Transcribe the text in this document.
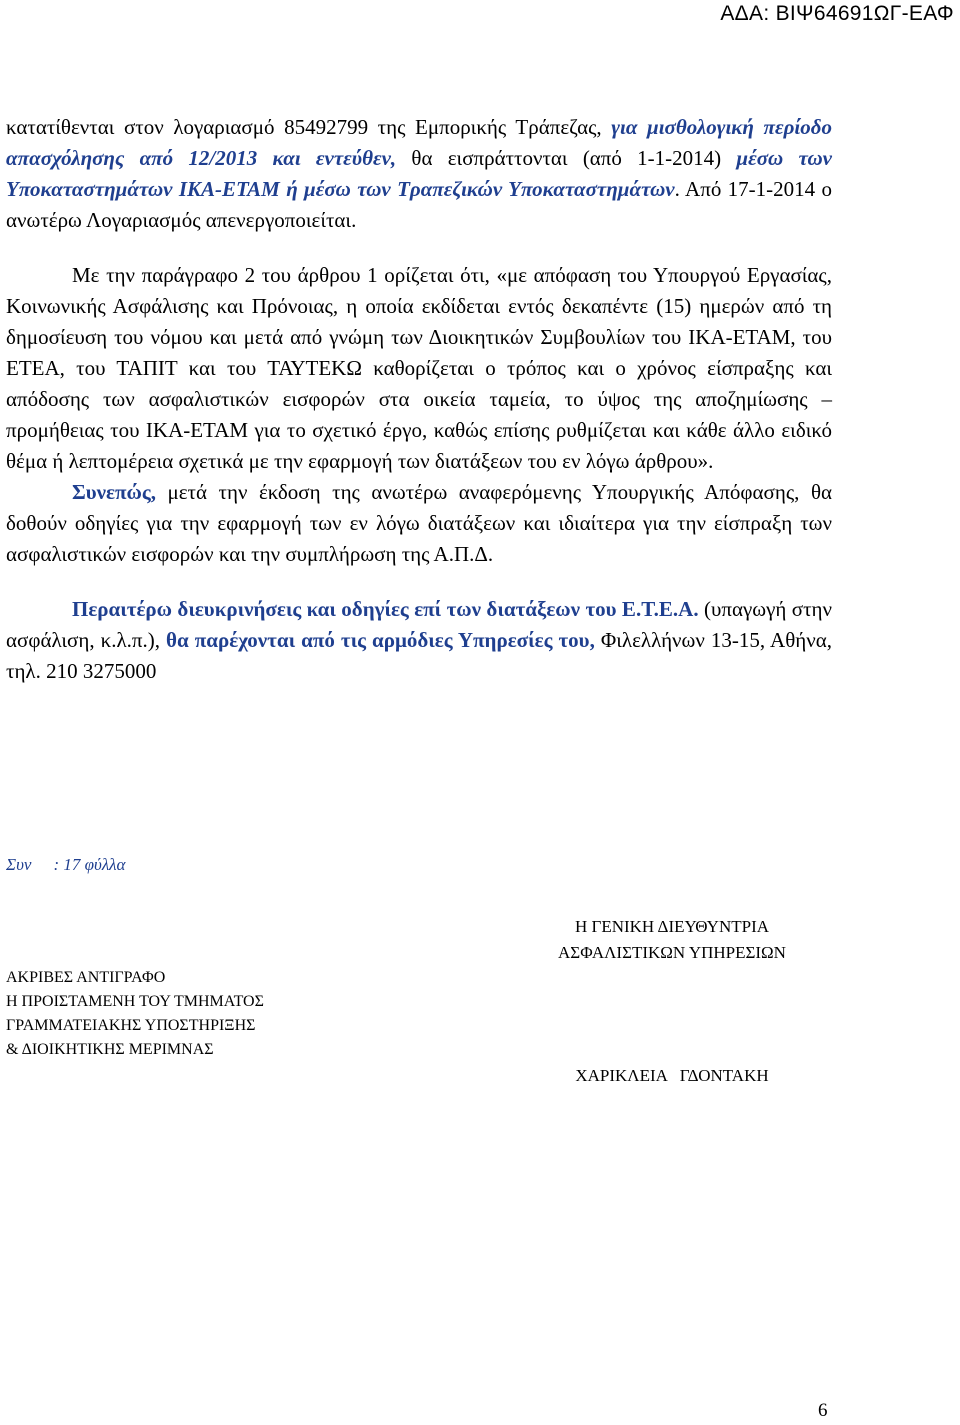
ΑΔΑ: ΒΙΨ64691ΩΓ-ΕΑΦ

κατατίθενται στον λογαριασμό 85492799 της Εμπορικής Τράπεζας, για μισθολογική περίοδο απασχόλησης από 12/2013 και εντεύθεν, θα εισπράττονται (από 1-1-2014) μέσω των Υποκαταστημάτων ΙΚΑ-ΕΤΑΜ ή μέσω των Τραπεζικών Υποκαταστημάτων. Από 17-1-2014 ο ανωτέρω Λογαριασμός απενεργοποιείται.

Με την παράγραφο 2 του άρθρου 1 ορίζεται ότι, «με απόφαση του Υπουργού Εργασίας, Κοινωνικής Ασφάλισης και Πρόνοιας, η οποία εκδίδεται εντός δεκαπέντε (15) ημερών από τη δημοσίευση του νόμου και μετά από γνώμη των Διοικητικών Συμβουλίων του ΙΚΑ-ΕΤΑΜ, του ΕΤΕΑ, του ΤΑΠΙΤ και του ΤΑΥΤΕΚΩ καθορίζεται ο τρόπος και ο χρόνος είσπραξης και απόδοσης των ασφαλιστικών εισφορών στα οικεία ταμεία, το ύψος της αποζημίωσης – προμήθειας του ΙΚΑ-ΕΤΑΜ για το σχετικό έργο, καθώς επίσης ρυθμίζεται και κάθε άλλο ειδικό θέμα ή λεπτομέρεια σχετικά με την εφαρμογή των διατάξεων του εν λόγω άρθρου».

Συνεπώς, μετά την έκδοση της ανωτέρω αναφερόμενης Υπουργικής Απόφασης, θα δοθούν οδηγίες για την εφαρμογή των εν λόγω διατάξεων και ιδιαίτερα για την είσπραξη των ασφαλιστικών εισφορών και την συμπλήρωση της Α.Π.Δ.

Περαιτέρω διευκρινήσεις και οδηγίες επί των διατάξεων του Ε.Τ.Ε.Α. (υπαγωγή στην ασφάλιση, κ.λ.π.), θα παρέχονται από τις αρμόδιες Υπηρεσίες του, Φιλελλήνων 13-15, Αθήνα, τηλ. 210 3275000

Συν : 17 φύλλα
Η ΓΕΝΙΚΗ ΔΙΕΥΘΥΝΤΡΙΑ
ΑΣΦΑΛΙΣΤΙΚΩΝ ΥΠΗΡΕΣΙΩΝ
ΑΚΡΙΒΕΣ ΑΝΤΙΓΡΑΦΟ
Η ΠΡΟΙΣΤΑΜΕΝΗ ΤΟΥ ΤΜΗΜΑΤΟΣ
ΓΡΑΜΜΑΤΕΙΑΚΗΣ ΥΠΟΣΤΗΡΙΞΗΣ
& ΔΙΟΙΚΗΤΙΚΗΣ ΜΕΡΙΜΝΑΣ
ΧΑΡΙΚΛΕΙΑ   ΓΔΟΝΤΑΚΗ
6
